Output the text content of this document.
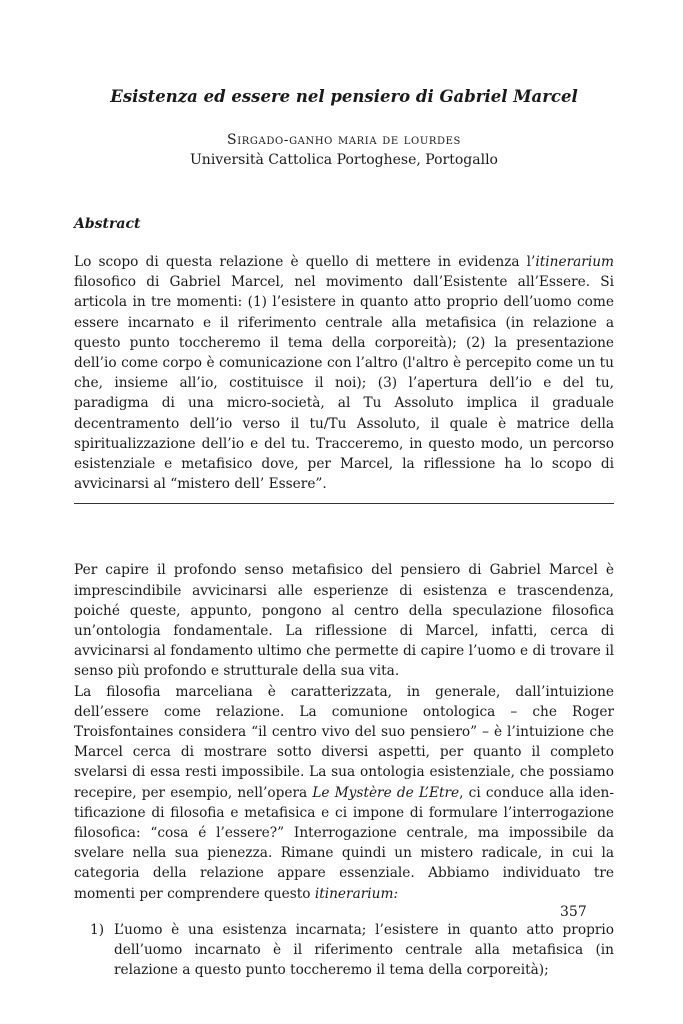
Esistenza ed essere nel pensiero di Gabriel Marcel
Sirgado-ganho maria de lourdes
Università Cattolica Portoghese, Portogallo
Abstract

Lo scopo di questa relazione è quello di mettere in evidenza l’itinerarium filosofico di Gabriel Marcel, nel movimento dall’Esistente all’Essere. Si articola in tre momenti: (1) l’esistere in quanto atto proprio dell’uomo come essere incarnato e il riferimento centrale alla metafisica (in relazione a questo punto toccheremo il tema della corporeità); (2) la presentazione dell’io come corpo è comunicazione con l’altro (l'altro è percepito come un tu che, insieme all’io, costituisce il noi); (3) l’apertura dell’io e del tu, paradigma di una micro-società, al Tu Assoluto implica il graduale decentramento dell’io verso il tu/Tu Assoluto, il quale è matrice della spiritualizzazione dell’io e del tu. Tracceremo, in questo modo, un percorso esistenziale e metafisico dove, per Marcel, la riflessione ha lo scopo di avvicinarsi al “mistero dell’ Essere”.

Per capire il profondo senso metafisico del pensiero di Gabriel Marcel è imprescindibile avvicinarsi alle esperienze di esistenza e trascendenza, poiché queste, appunto, pongono al centro della speculazione filosofica un’ontologia fondamentale. La riflessione di Marcel, infatti, cerca di avvicinarsi al fondamento ultimo che permette di capire l’uomo e di trovare il senso più profondo e strutturale della sua vita.

La filosofia marceliana è caratterizzata, in generale, dall’intuizione dell’essere come relazione. La comunione ontologica – che Roger Troisfontaines considera “il centro vivo del suo pensiero” – è l’intuizione che Marcel cerca di mostrare sotto diversi aspetti, per quanto il completo svelarsi di essa resti impossibile. La sua ontologia esistenziale, che possiamo recepire, per esempio, nell’opera Le Mystère de L’Etre, ci conduce alla identificazione di filosofia e metafisica e ci impone di formulare l’interrogazione filosofica: “cosa é l’essere?” Interrogazione centrale, ma impossibile da svelare nella sua pienezza. Rimane quindi un mistero radicale, in cui la categoria della relazione appare essenziale. Abbiamo individuato tre momenti per comprendere questo itinerarium:

1) L’uomo è una esistenza incarnata; l’esistere in quanto atto proprio dell’uomo incarnato è il riferimento centrale alla metafisica (in relazione a questo punto toccheremo il tema della corporeità);

357
